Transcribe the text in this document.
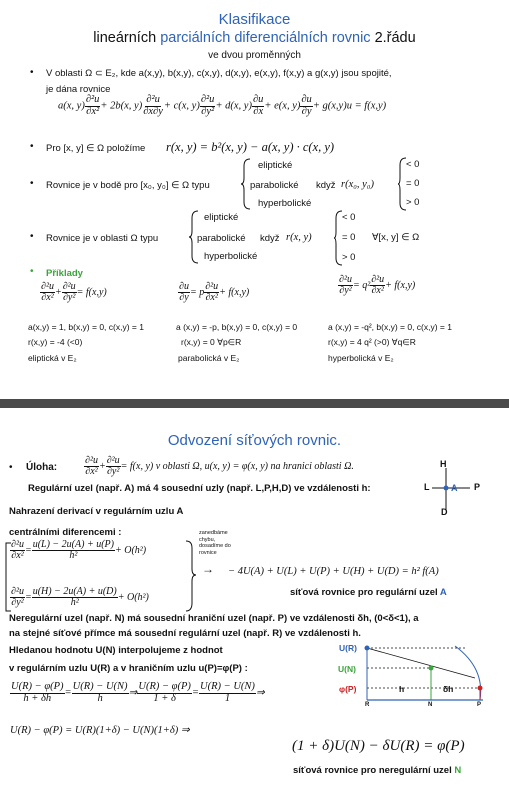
Klasifikace
lineárních parciálních diferenciálních rovnic 2.řádu
ve dvou proměnných
• V oblasti Ω ⊂ E₂, kde a(x,y), b(x,y), c(x,y), d(x,y), e(x,y), f(x,y) a g(x,y) jsou spojité,
je dána rovnice
a(x, $y) \frac{\text{∂²u}}{\text{∂x²}} + 2b(x$, $y) \frac{\text{∂²u}}{\partial x\partial y} + c(x$, $y) \frac{\text{∂²u}}{\text{∂y²}} + d(x$, $y) \frac{\partial u}{\partial x} + e(x$, $y) \frac{\partial u}{\partial y} + g(x,y)u = f(x,y)$
• Pro [x, y] ∈ Ω položíme r(x, y) = b²(x, y) − a(x, y) · c(x, y)
• Rovnice je v bodě pro [x₀, y₀] ∈ Ω typu
eliptické
parabolické když r(x₀, y₀)
hyperbolické
< 0
= 0
> 0
• Rovnice je v oblasti Ω typu
eliptické
parabolické když r(x, y)
hyperbolické
< 0
= 0 ∀[x, y] ∈ Ω
> 0
• Příklady
$\frac{\text{∂²u}}{\text{∂x²}} + \frac{\text{∂²u}}{\text{∂y²}} = f(x,y)$	$\frac{\partial u}{\partial y} = p \frac{\text{∂²u}}{\text{∂x²}} + f(x,y)$	$\frac{\text{∂²u}}{\text{∂y²}} = q^2 \frac{\text{∂²u}}{\text{∂x²}} + f(x,y)$
a(x,y) = 1, b(x,y) = 0, c(x,y) = 1	a (x,y) = -p, b(x,y) = 0, c(x,y) = 0	a (x,y) = -q², b(x,y) = 0, c(x,y) = 1
r(x,y) = -4 (<0)	r(x,y) = 0 ∀p∈R	r(x,y) = 4 q² (>0) ∀q∈R
eliptická v E₂	parabolická v E₂	hyperbolická v E₂
Odvození síťových rovnic.
• Úloha:	$\frac{\text{∂²u}}{\text{∂x²}} + \frac{\text{∂²u}}{\text{∂y²}} = f(x$, y) v oblasti Ω, u(x, y) = φ(x, y) na hranici oblasti Ω.
Regulární uzel (např. A) má 4 sousední uzly (např. L,P,H,D) ve vzdálenosti h:
H
L A P
D
Nahrazení derivací v regulárním uzlu A
centrálními diferencemi :
$\frac{\text{∂²u}}{\text{∂x²}} = \frac{u(L) - 2u(A) + u(P)}{\text{h²}} + O(h^2)$
$\frac{\text{∂²u}}{\text{∂y²}} = \frac{u(H) - 2u(A) + u(D)}{\text{h²}} + O(h^2)$
zanedbáme
chybu,
dosadíme do
rovnice
→ − 4U(A) + U(L) + U(P) + U(H) + U(D) = h² f(A)
síťová rovnice pro regulární uzel A
Neregulární uzel (např. N) má sousední hraniční uzel (např. P) ve vzdálenosti δh, (0<δ<1), a
na stejné síťové přímce má sousední regulární uzel (např. R) ve vzdálenosti h.
Hledanou hodnotu U(N) interpolujeme z hodnot
v regulárním uzlu U(R) a v hraničním uzlu u(P)=φ(P) :
U(R)
U(N)
φ(P)	h	δh
R	N	P
$\frac{U(R) - \varphi(P)}{h + \delta h} = \frac{U(R) - U(N)}{h}$ ⇒ $\frac{U(R) - \varphi(P)}{1 + \delta} = \frac{U(R) - U(N)}{1}$ ⇒
U(R) − φ(P) = U(R)(1+δ) − U(N)(1+δ) ⇒
(1 + δ)U(N) − δU(R) = φ(P)
síťová rovnice pro neregulární uzel N
